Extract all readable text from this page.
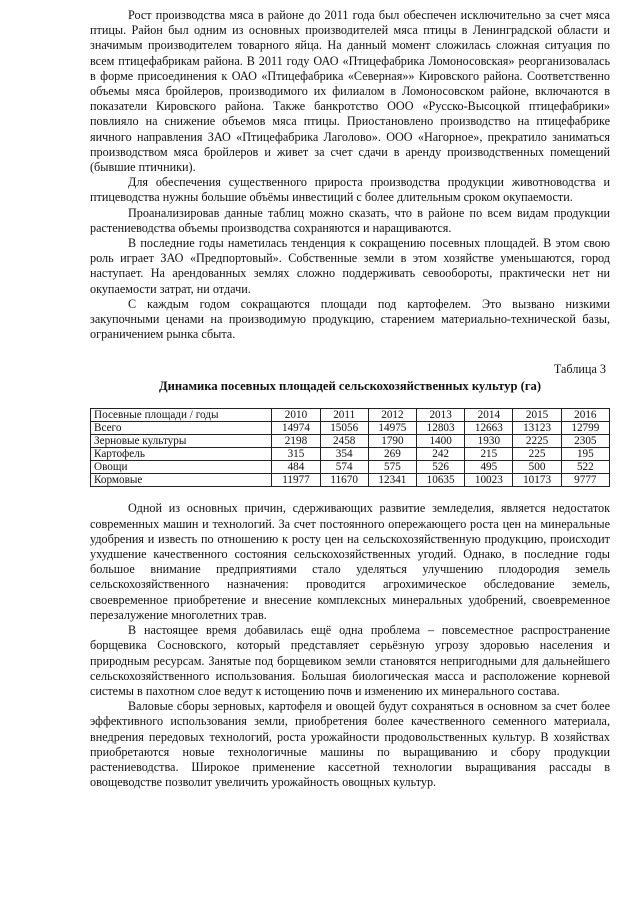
Рост производства мяса в районе до 2011 года был обеспечен исключительно за счет мяса птицы. Район был одним из основных производителей мяса птицы в Ленинградской области и значимым производителем товарного яйца. На данный момент сложилась сложная ситуация по всем птицефабрикам района. В 2011 году ОАО «Птицефабрика Ломоносовская» реорганизовалась в форме присоединения к ОАО «Птицефабрика «Северная»» Кировского района. Соответственно объемы мяса бройлеров, производимого их филиалом в Ломоносовском районе, включаются в показатели Кировского района. Также банкротство ООО «Русско-Высоцкой птицефабрики» повлияло на снижение объемов мяса птицы. Приостановлено производство на птицефабрике яичного направления ЗАО «Птицефабрика Лаголово». ООО «Нагорное», прекратило заниматься производством мяса бройлеров и живет за счет сдачи в аренду производственных помещений (бывшие птичники).

Для обеспечения существенного прироста производства продукции животноводства и птицеводства нужны большие объёмы инвестиций с более длительным сроком окупаемости.

Проанализировав данные таблиц можно сказать, что в районе по всем видам продукции растениеводства объемы производства сохраняются и наращиваются.

В последние годы наметилась тенденция к сокращению посевных площадей. В этом свою роль играет ЗАО «Предпортовый». Собственные земли в этом хозяйстве уменьшаются, город наступает. На арендованных землях сложно поддерживать севообороты, практически нет ни окупаемости затрат, ни отдачи.

С каждым годом сокращаются площади под картофелем. Это вызвано низкими закупочными ценами на производимую продукцию, старением материально-технической базы, ограничением рынка сбыта.

Таблица 3
Динамика посевных площадей сельскохозяйственных культур (га)
Посевные площади / годы	2010	2011	2012	2013	2014	2015	2016
Всего	14974	15056	14975	12803	12663	13123	12799
Зерновые культуры	2198	2458	1790	1400	1930	2225	2305
Картофель	315	354	269	242	215	225	195
Овощи	484	574	575	526	495	500	522
Кормовые	11977	11670	12341	10635	10023	10173	9777

Одной из основных причин, сдерживающих развитие земледелия, является недостаток современных машин и технологий. За счет постоянного опережающего роста цен на минеральные удобрения и известь по отношению к росту цен на сельскохозяйственную продукцию, происходит ухудшение качественного состояния сельскохозяйственных угодий. Однако, в последние годы большое внимание предприятиями стало уделяться улучшению плодородия земель сельскохозяйственного назначения: проводится агрохимическое обследование земель, своевременное приобретение и внесение комплексных минеральных удобрений, своевременное перезалужение многолетних трав.

В настоящее время добавилась ещё одна проблема – повсеместное распространение борщевика Сосновского, который представляет серьёзную угрозу здоровью населения и природным ресурсам. Занятые под борщевиком земли становятся непригодными для дальнейшего сельскохозяйственного использования. Большая биологическая масса и расположение корневой системы в пахотном слое ведут к истощению почв и изменению их минерального состава.

Валовые сборы зерновых, картофеля и овощей будут сохраняться в основном за счет более эффективного использования земли, приобретения более качественного семенного материала, внедрения передовых технологий, роста урожайности продовольственных культур. В хозяйствах приобретаются новые технологичные машины по выращиванию и сбору продукции растениеводства. Широкое применение кассетной технологии выращивания рассады в овощеводстве позволит увеличить урожайность овощных культур.
